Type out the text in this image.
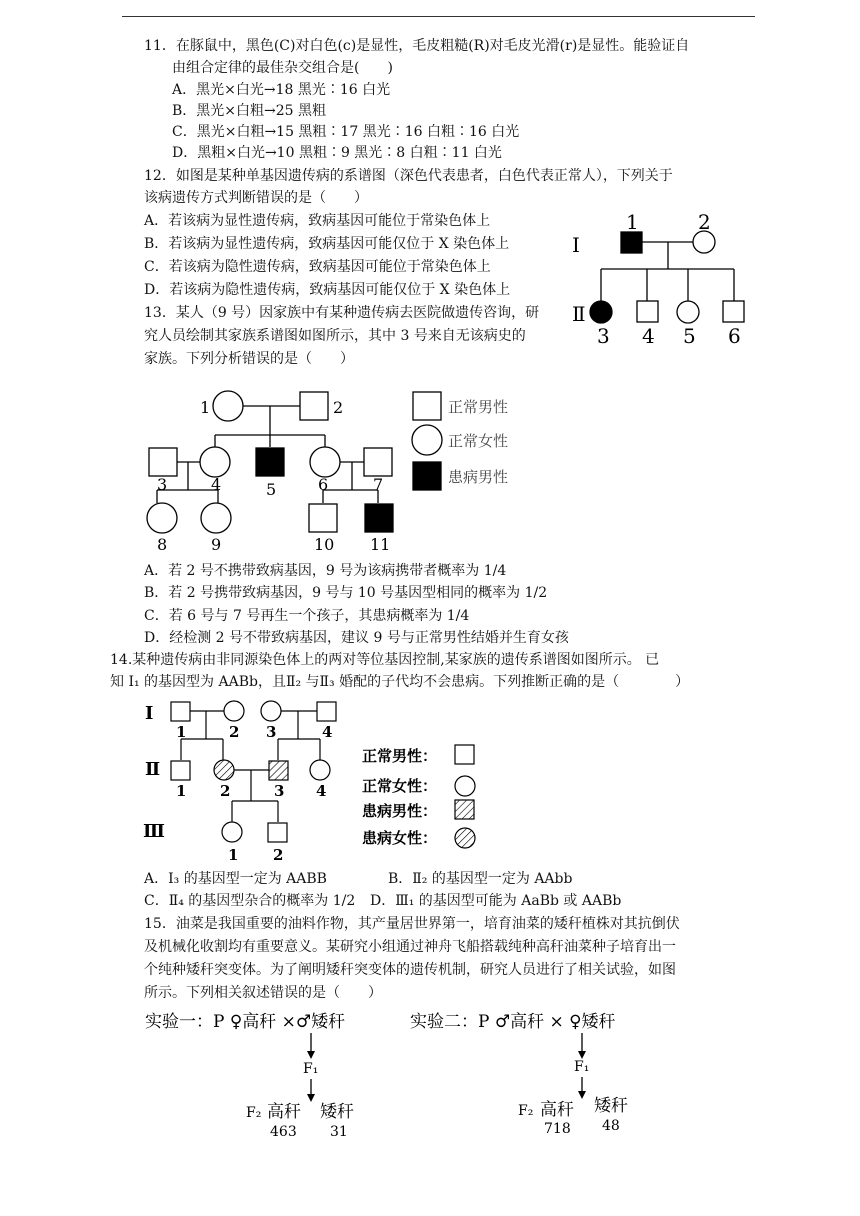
11．在豚鼠中，黑色(C)对白色(c)是显性，毛皮粗糙(R)对毛皮光滑(r)是显性。能验证自
由组合定律的最佳杂交组合是(　　)
A．黑光×白光→18 黑光∶16 白光
B．黑光×白粗→25 黑粗
C．黑光×白粗→15 黑粗∶17 黑光∶16 白粗∶16 白光
D．黑粗×白光→10 黑粗∶9 黑光∶8 白粗∶11 白光
12．如图是某种单基因遗传病的系谱图（深色代表患者，白色代表正常人），下列关于
该病遗传方式判断错误的是（　　）
A．若该病为显性遗传病，致病基因可能位于常染色体上
B．若该病为显性遗传病，致病基因可能仅位于 X 染色体上
C．若该病为隐性遗传病，致病基因可能位于常染色体上
D．若该病为隐性遗传病，致病基因可能仅位于 X 染色体上
Ⅰ
Ⅱ
1	2
3 4 5 6
13．某人（9 号）因家族中有某种遗传病去医院做遗传咨询，研
究人员绘制其家族系谱图如图所示，其中 3 号来自无该病史的
家族。下列分析错误的是（　　）
1	2
3	4	5	6	7
8	9	10 11
正常男性
正常女性
患病男性
A．若 2 号不携带致病基因，9 号为该病携带者概率为 1/4
B．若 2 号携带致病基因，9 号与 10 号基因型相同的概率为 1/2
C．若 6 号与 7 号再生一个孩子，其患病概率为 1/4
D．经检测 2 号不带致病基因，建议 9 号与正常男性结婚并生育女孩
14.某种遗传病由非同源染色体上的两对等位基因控制,某家族的遗传系谱图如图所示。 已
知 I₁ 的基因型为 AABb，且Ⅱ₂ 与Ⅱ₃ 婚配的子代均不会患病。下列推断正确的是（　　　　）
Ⅰ
Ⅱ
Ⅲ
1	2 3	4
1 2	3 4
1 2
正常男性：
正常女性：
患病男性：
患病女性：
A．I₃ 的基因型一定为 AABB	B．Ⅱ₂ 的基因型一定为 AAbb
C．Ⅱ₄ 的基因型杂合的概率为 1/2 D．Ⅲ₁ 的基因型可能为 AaBb 或 AABb
15．油菜是我国重要的油料作物，其产量居世界第一，培育油菜的矮秆植株对其抗倒伏
及机械化收割均有重要意义。某研究小组通过神舟飞船搭载纯种高秆油菜种子培育出一
个纯种矮秆突变体。为了阐明矮秆突变体的遗传机制，研究人员进行了相关试验，如图
所示。下列相关叙述错误的是（　　）
实验一：P ♀高秆 ×♂矮秆
F₁
F₂ 高秆 矮秆
463 31
实验二：P ♂高秆 × ♀矮秆
F₁
F₂ 高秆 矮秆
718 48
